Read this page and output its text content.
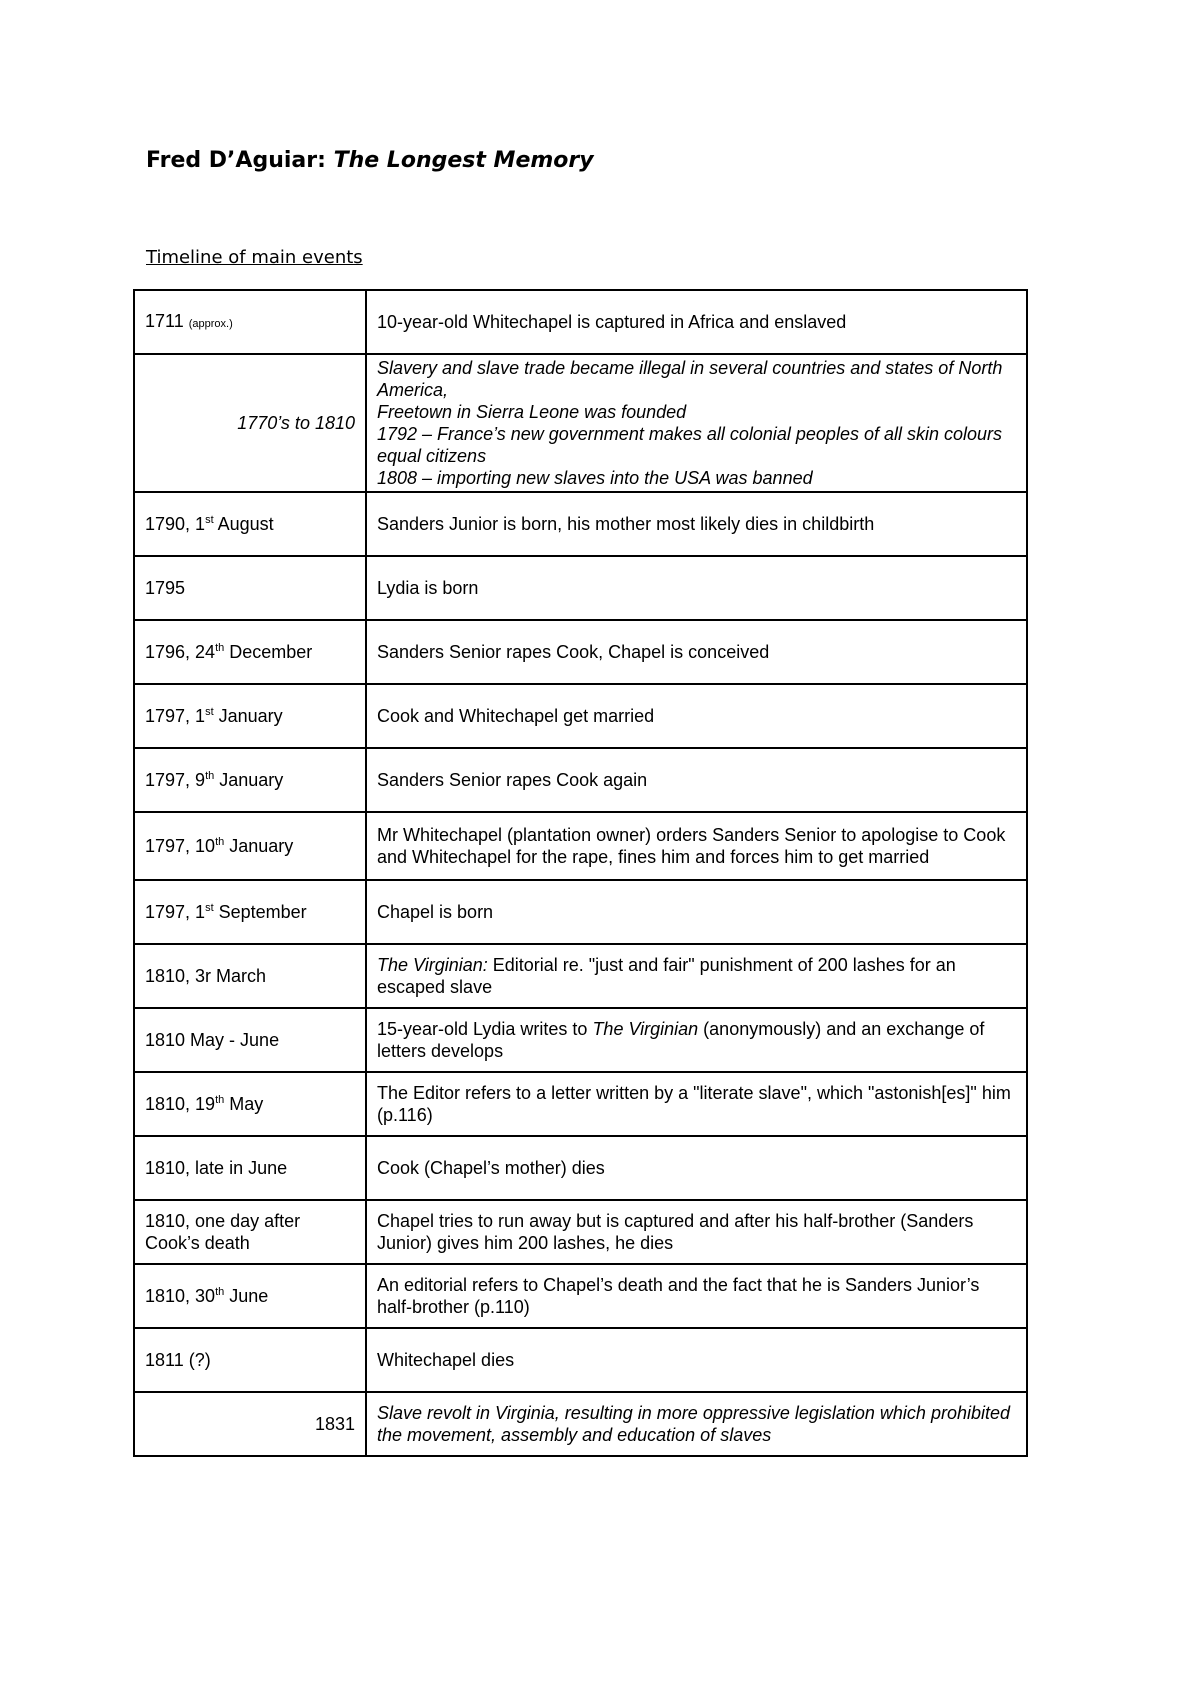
Fred D’Aguiar: The Longest Memory

Timeline of main events

1711 (approx.)	10-year-old Whitechapel is captured in Africa and enslaved
1770’s to 1810	Slavery and slave trade became illegal in several countries and states of North America,
Freetown in Sierra Leone was founded
1792 – France’s new government makes all colonial peoples of all skin colours equal citizens
1808 – importing new slaves into the USA was banned

1790, 1st August	Sanders Junior is born, his mother most likely dies in childbirth
1795	Lydia is born
1796, 24th December	Sanders Senior rapes Cook, Chapel is conceived
1797, 1st January	Cook and Whitechapel get married
1797, 9th January	Sanders Senior rapes Cook again
1797, 10th January	Mr Whitechapel (plantation owner) orders Sanders Senior to apologise to Cook and Whitechapel for the rape, fines him and forces him to get married
1797, 1st September	Chapel is born
1810, 3r March	The Virginian: Editorial re. "just and fair" punishment of 200 lashes for an escaped slave
1810 May - June	15-year-old Lydia writes to The Virginian (anonymously) and an exchange of letters develops
1810, 19th May	The Editor refers to a letter written by a "literate slave", which "astonish[es]" him (p.116)
1810, late in June	Cook (Chapel’s mother) dies
1810, one day after Cook’s death	Chapel tries to run away but is captured and after his half-brother (Sanders Junior) gives him 200 lashes, he dies
1810, 30th June	An editorial refers to Chapel’s death and the fact that he is Sanders Junior’s half-brother (p.110)
1811 (?)	Whitechapel dies
1831	Slave revolt in Virginia, resulting in more oppressive legislation which prohibited the movement, assembly and education of slaves
